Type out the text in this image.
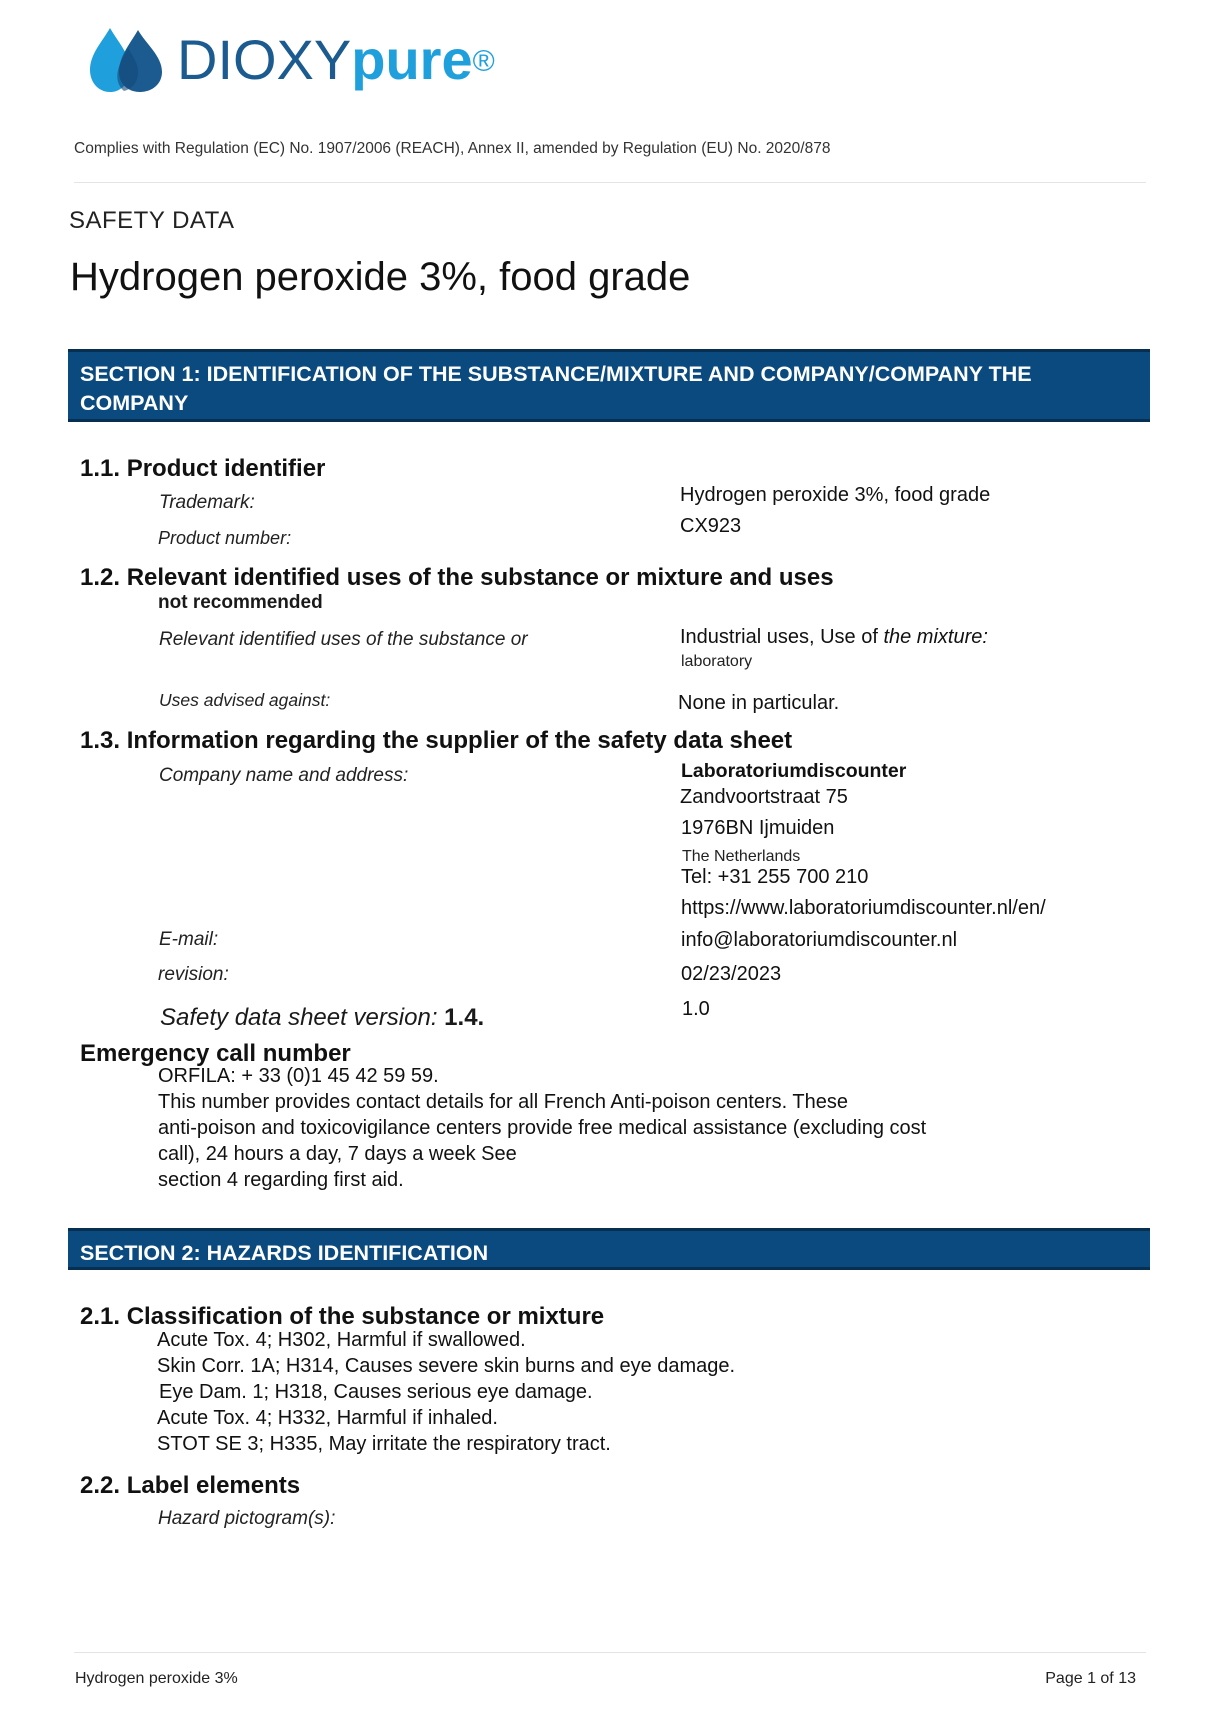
DIOXYpure®
Complies with Regulation (EC) No. 1907/2006 (REACH), Annex II, amended by Regulation (EU) No. 2020/878
SAFETY DATA
Hydrogen peroxide 3%, food grade
SECTION 1: IDENTIFICATION OF THE SUBSTANCE/MIXTURE AND COMPANY/COMPANY THE COMPANY
1.1. Product identifier
Trademark:	Hydrogen peroxide 3%, food grade
Product number:
CX923
1.2. Relevant identified uses of the substance or mixture and uses
not recommended
Relevant identified uses of the substance or	Industrial uses, Use of the mixture:
laboratory
Uses advised against:	None in particular.
1.3. Information regarding the supplier of the safety data sheet
Company name and address:	Laboratoriumdiscounter
Zandvoortstraat 75
1976BN Ijmuiden
The Netherlands
Tel: +31 255 700 210
https://www.laboratoriumdiscounter.nl/en/
E-mail:	info@laboratoriumdiscounter.nl
revision:	02/23/2023
Safety data sheet version: 1.4.	1.0
Emergency call number
ORFILA: + 33 (0)1 45 42 59 59.
This number provides contact details for all French Anti-poison centers. These
anti-poison and toxicovigilance centers provide free medical assistance (excluding cost
call), 24 hours a day, 7 days a week See
section 4 regarding first aid.
SECTION 2: HAZARDS IDENTIFICATION
2.1. Classification of the substance or mixture
Acute Tox. 4; H302, Harmful if swallowed.
Skin Corr. 1A; H314, Causes severe skin burns and eye damage.
Eye Dam. 1; H318, Causes serious eye damage.
Acute Tox. 4; H332, Harmful if inhaled.
STOT SE 3; H335, May irritate the respiratory tract.
2.2. Label elements
Hazard pictogram(s):
Hydrogen peroxide 3%	Page 1 of 13
